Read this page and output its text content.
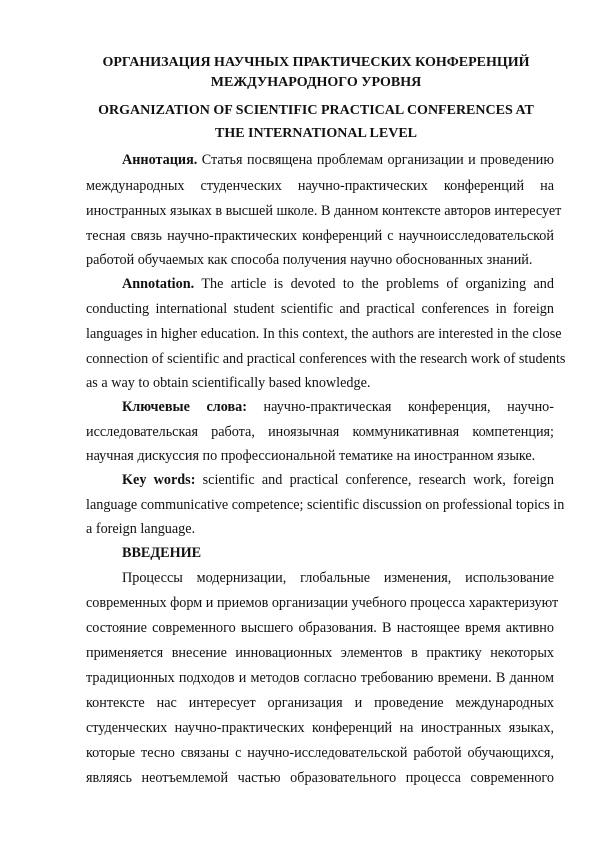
ОРГАНИЗАЦИЯ НАУЧНЫХ ПРАКТИЧЕСКИХ КОНФЕРЕНЦИЙ
МЕЖДУНАРОДНОГО УРОВНЯ
ORGANIZATION OF SCIENTIFIC PRACTICAL CONFERENCES AT
THE INTERNATIONAL LEVEL
Аннотация. Статья посвящена проблемам организации и проведению
международных студенческих научно-практических конференций на
иностранных языках в высшей школе. В данном контексте авторов интересует
тесная связь научно-практических конференций с научноисследовательской
работой обучаемых как способа получения научно обоснованных знаний.
Annotation. The article is devoted to the problems of organizing and
conducting international student scientific and practical conferences in foreign
languages in higher education. In this context, the authors are interested in the close
connection of scientific and practical conferences with the research work of students
as a way to obtain scientifically based knowledge.
Ключевые слова: научно-практическая конференция, научно-
исследовательская работа, иноязычная коммуникативная компетенция;
научная дискуссия по профессиональной тематике на иностранном языке.
Key words: scientific and practical conference, research work, foreign
language communicative competence; scientific discussion on professional topics in
a foreign language.
ВВЕДЕНИЕ
Процессы модернизации, глобальные изменения, использование
современных форм и приемов организации учебного процесса характеризуют
состояние современного высшего образования. В настоящее время активно
применяется внесение инновационных элементов в практику некоторых
традиционных подходов и методов согласно требованию времени. В данном
контексте нас интересует организация и проведение международных
студенческих научно-практических конференций на иностранных языках,
которые тесно связаны с научно-исследовательской работой обучающихся,
являясь неотъемлемой частью образовательного процесса современного
